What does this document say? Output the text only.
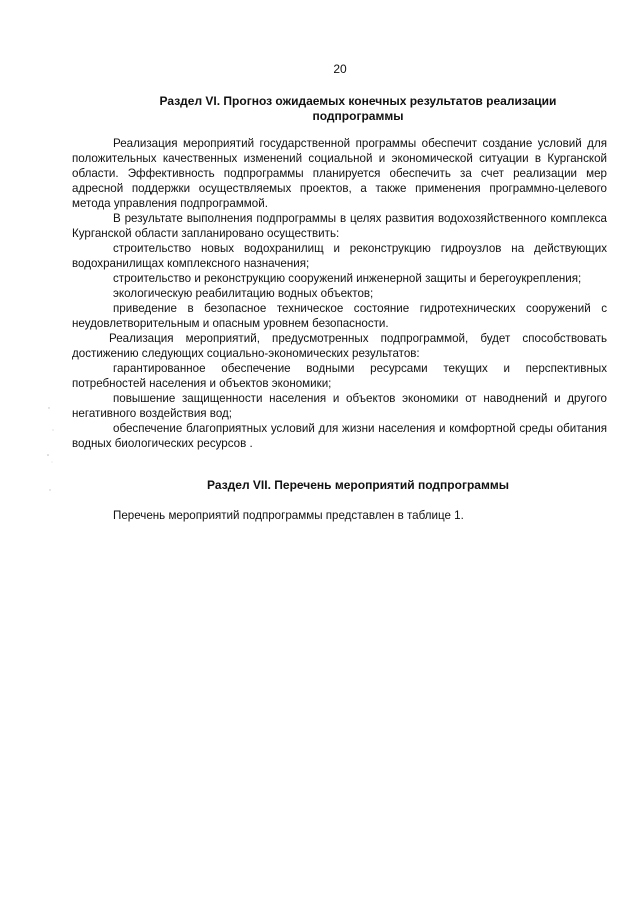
20
Раздел VI. Прогноз ожидаемых конечных результатов реализации подпрограммы

Реализация мероприятий государственной программы обеспечит создание условий для положительных качественных изменений социальной и экономической ситуации в Курганской области. Эффективность подпрограммы планируется обеспечить за счет реализации мер адресной поддержки осуществляемых проектов, а также применения программно-целевого метода управления подпрограммой.

В результате выполнения подпрограммы в целях развития водохозяйственного комплекса Курганской области запланировано осуществить:

строительство новых водохранилищ и реконструкцию гидроузлов на действующих водохранилищах комплексного назначения;

строительство и реконструкцию сооружений инженерной защиты и берегоукрепления;

экологическую реабилитацию водных объектов;

приведение в безопасное техническое состояние гидротехнических сооружений с неудовлетворительным и опасным уровнем безопасности.

Реализация мероприятий, предусмотренных подпрограммой, будет способствовать достижению следующих социально-экономических результатов:

гарантированное обеспечение водными ресурсами текущих и перспективных потребностей населения и объектов экономики;

повышение защищенности населения и объектов экономики от наводнений и другого негативного воздействия вод;

обеспечение благоприятных условий для жизни населения и комфортной среды обитания водных биологических ресурсов .

Раздел VII. Перечень мероприятий подпрограммы
Перечень мероприятий подпрограммы представлен в таблице 1.
